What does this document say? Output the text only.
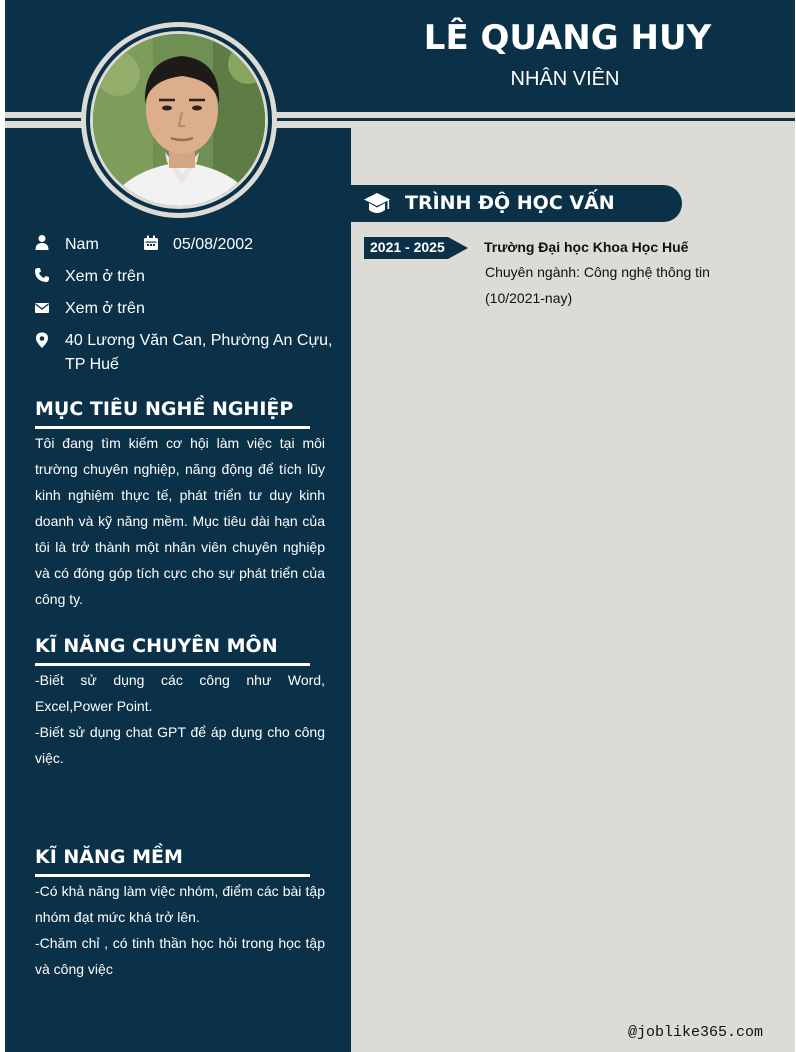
LÊ QUANG HUY
NHÂN VIÊN
Nam	05/08/2002
Xem ở trên
Xem ở trên
40 Lương Văn Can, Phường An Cựu,
TP Huế
MỤC TIÊU NGHỀ NGHIỆP
Tôi đang tìm kiếm cơ hội làm việc tại môi trường chuyên nghiệp, năng động để tích lũy kinh nghiệm thực tế, phát triển tư duy kinh doanh và kỹ năng mềm. Mục tiêu dài hạn của tôi là trở thành một nhân viên chuyên nghiệp và có đóng góp tích cực cho sự phát triển của công ty.
KĨ NĂNG CHUYÊN MÔN

-Biết sử dụng các công như Word, Excel,Power Point.

-Biết sử dụng chat GPT để áp dụng cho công việc.

KĨ NĂNG MỀM

-Có khả năng làm việc nhóm, điểm các bài tập nhóm đạt mức khá trở lên.

-Chăm chỉ , có tinh thần học hỏi trong học tập và công việc

TRÌNH ĐỘ HỌC VẤN
2021 - 2025	Trường Đại học Khoa Học Huế
Chuyên ngành: Công nghệ thông tin
(10/2021-nay)
@joblike365.com
